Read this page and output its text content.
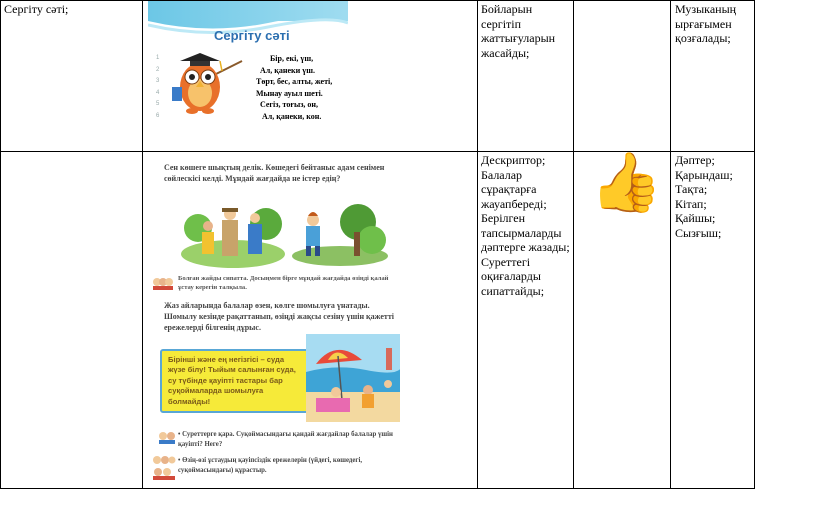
Сергіту сәті;	Бойларын
сергітіп
жаттығуларын
жасайды;
Музыканың
ырғағымен
қозғалады;
Дескриптор;
Балалар
сұрақтарға
жауапбереді;
Берілген
тапсырмаларды
дәптерге жазады;
Суреттегі
оқиғаларды
сипаттайды;
👍 Дәптер;
Қарындаш;
Тақта;
Кітап;
Қайшы;
Сызғыш;
Сергіту сәті
1
2
3
4
5
6
Бір, екі, үш,
Ал, қанеки үш.
Төрт, бес, алты, жеті,
Мынау ауыл шеті.
Сегіз, тоғыз, он,
Ал, қанеки, кон.
Сен көшеге шықтың делік. Көшедегі бейтаныс адам сенімен сөйлескісі келді. Мұндай жағдайда не істер едің?
Болған жайды сипатта. Досыңмен бірге мұндай жағдайда өзіңді қалай ұстау керегін талқыла.
Жаз айларында балалар өзен, көлге шомылуға үнатады. Шомылу кезінде рақаттанып, өзіңді жақсы сезіну үшін қажетті ережелерді білгенің дұрыс.
Бірінші және ең негізгісі – суда жүзе білу! Тыйым салынған суда, су түбінде қауіпті тастары бар суқоймаларда шомылуға болмайды!
• Суреттерге қара. Суқоймасындағы қандай жағдайлар балалар үшін қауіпті? Неге?
• Өзің-өзі ұстаудың қауіпсіздік ережелерін (үйдегі, көшедегі, суқоймасындағы) құрастыр.
